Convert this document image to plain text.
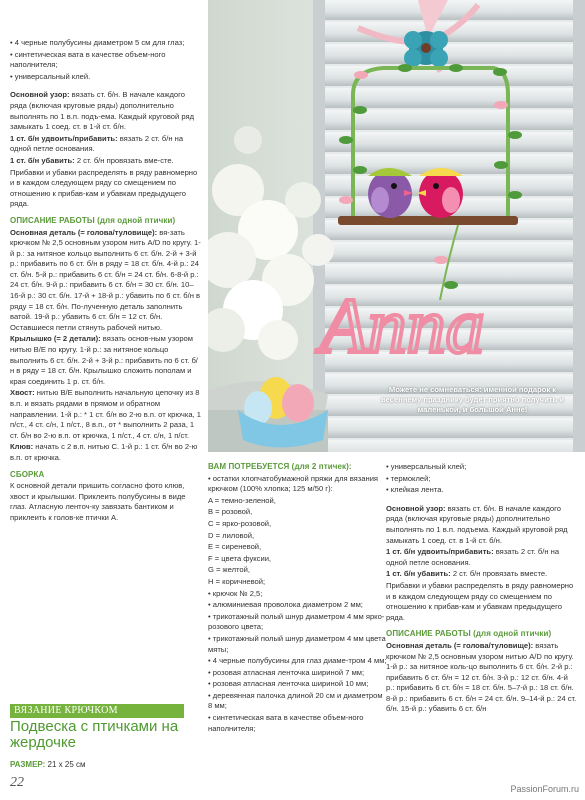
• 4 черные полубусины диаметром 5 см для глаз;

• синтетическая вата в качестве объем-ного наполнителя;

• универсальный клей.

Основной узор: вязать ст. б/н. В начале каждого ряда (включая круговые ряды) дополнительно выполнять по 1 в.п. подъ-ема. Каждый круговой ряд замыкать 1 соед. ст. в 1-й ст. б/н.

1 ст. б/н удвоить/прибавить: вязать 2 ст. б/н на одной петле основания.

1 ст. б/н убавить: 2 ст. б/н провязать вме-сте.

Прибавки и убавки распределять в ряду равномерно и в каждом следующем ряду со смещением по отношению к прибав-кам и убавкам предыдущего ряда.

ОПИСАНИЕ РАБОТЫ (для одной птички)

Основная деталь (= голова/туловище): вя-зать крючком № 2,5 основным узором нить A/D по кругу. 1-й р.: за нитяное кольцо выполнить 6 ст. б/н. 2-й + 3-й р.: прибавить по 6 ст. б/н в ряду = 18 ст. б/н. 4-й р.: 24 ст. б/н. 5-й р.: прибавить 6 ст. б/н = 24 ст. б/н. 6-8-й р.: 24 ст. б/н. 9-й р.: прибавить 6 ст. б/н = 30 ст. б/н. 10–16-й р.: 30 ст. б/н. 17-й + 18-й р.: убавить по 6 ст. б/н в ряду = 18 ст. б/н. По-лученную деталь заполнить ватой. 19-й р.: убавить 6 ст. б/н = 12 ст. б/н. Оставшиеся петли стянуть рабочей нитью.

Крылышко (= 2 детали): вязать основ-ным узором нитью B/E по кругу. 1-й р.: за нитяное кольцо выполнить 6 ст. б/н. 2-й + 3-й р.: прибавить по 6 ст. б/н в ряду = 18 ст. б/н. Крылышко сложить пополам и края соединить 1 р. ст. б/н.

Хвост: нитью B/E выполнить начальную цепочку из 8 в.п. и вязать рядами в прямом и обратном направлении. 1-й р.: * 1 ст. б/н во 2-ю в.п. от крючка, 1 п/ст., 4 ст. с/н, 1 п/ст., 8 в.п., от * выполнить 2 раза, 1 ст. б/н во 2-ю в.п. от крючка, 1 п/ст., 4 ст. с/н, 1 п/ст.

Клюв: начать с 2 в.п. нитью C. 1-й р.: 1 ст. б/н во 2-ю в.п. от крючка.

СБОРКА

К основной детали пришить согласно фото клюв, хвост и крылышки. Приклеить полубусины в виде глаз. Атласную ленточ-ку завязать бантиком и приклеить к голов-ке птички A.

Anna
Можете не сомневаться: именной подарок к весеннему празднику будет приятно получить и маленькой, и большой Анне!

ВАМ ПОТРЕБУЕТСЯ (для 2 птичек):

• остатки хлопчатобумажной пряжи для вязания крючком (100% хлопка; 125 м/50 г):

A = темно-зеленой,

B = розовой,

C = ярко-розовой,

D = лиловой,

E = сиреневой,

F = цвета фуксии,

G = желтой,

H = коричневой;

• крючок № 2,5;

• алюминиевая проволока диаметром 2 мм;

• трикотажный полый шнур диаметром 4 мм ярко-розового цвета;

• трикотажный полый шнур диаметром 4 мм цвета мяты;

• 4 черные полубусины для глаз диаме-тром 4 мм;

• розовая атласная ленточка шириной 7 мм;

• розовая атласная ленточка шириной 10 мм;

• деревянная палочка длиной 20 см и диаметром 8 мм;

• синтетическая вата в качестве объем-ного наполнителя;

• универсальный клей;

• термоклей;

• клейкая лента.

Основной узор: вязать ст. б/н. В начале каждого ряда (включая круговые ряды) дополнительно выполнять по 1 в.п. подъема. Каждый круговой ряд замыкать 1 соед. ст. в 1-й ст. б/н.

1 ст. б/н удвоить/прибавить: вязать 2 ст. б/н на одной петле основания.

1 ст. б/н убавить: 2 ст. б/н провязать вместе.

Прибавки и убавки распределять в ряду равномерно и в каждом следующем ряду со смещением по отношению к прибав-кам и убавкам предыдущего ряда.

ОПИСАНИЕ РАБОТЫ (для одной птички)

Основная деталь (= голова/туловище): вязать крючком № 2,5 основным узором нитью A/D по кругу. 1-й р.: за нитяное коль-цо выполнить 6 ст. б/н. 2-й р.: прибавить 6 ст. б/н = 12 ст. б/н. 3-й р.: 12 ст. б/н. 4-й р.: прибавить 6 ст. б/н = 18 ст. б/н. 5–7-й р.: 18 ст. б/н. 8-й р.: прибавить 6 ст. б/н = 24 ст. б/н. 9–14-й р.: 24 ст. б/н. 15-й р.: убавить 6 ст. б/н

ВЯЗАНИЕ КРЮЧКОМ
Подвеска с птичками на жердочке
РАЗМЕР: 21 x 25 см
22	PassionForum.ru
